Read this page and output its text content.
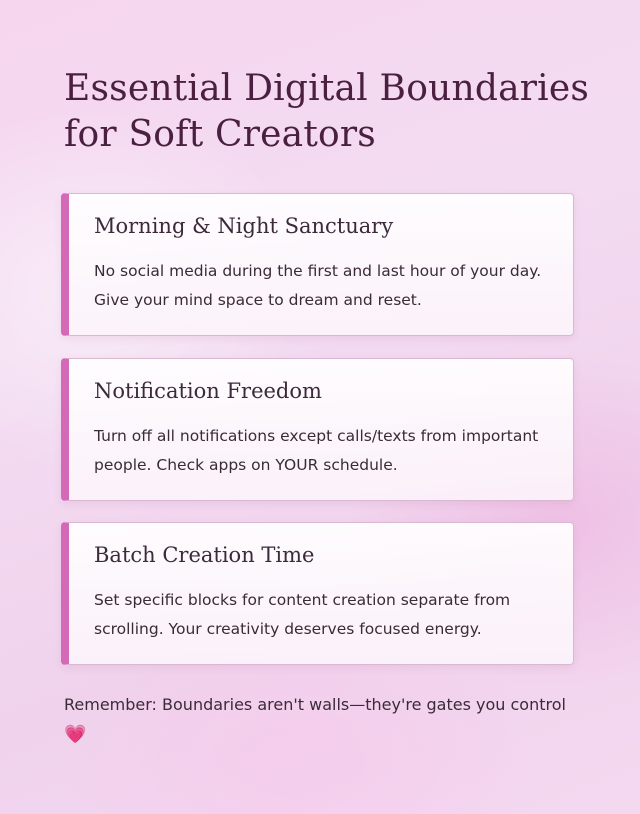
Essential Digital Boundaries for Soft Creators
Morning & Night Sanctuary
No social media during the first and last hour of your day. Give your mind space to dream and reset.
Notification Freedom
Turn off all notifications except calls/texts from important people. Check apps on YOUR schedule.
Batch Creation Time
Set specific blocks for content creation separate from scrolling. Your creativity deserves focused energy.
Remember: Boundaries aren't walls—they're gates you control
💗
